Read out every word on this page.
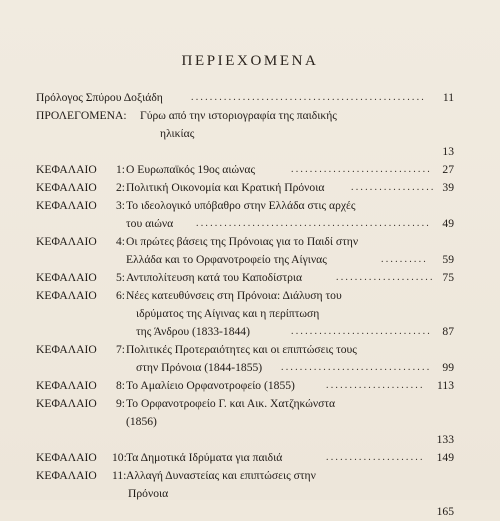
ΠΕΡΙΕΧΟΜΕΝΑ
Πρόλογος Σπύρου Δοξιάδη	..................................................	11
ΠΡΟΛΕΓΟΜΕΝΑ: Γύρω από την ιστοριογραφία της παιδικής
ηλικίας
13
ΚΕΦΑΛΑΙΟ 1: Ο Ευρωπαϊκός 19ος αιώνας	.............................. 27
ΚΕΦΑΛΑΙΟ 2: Πολιτική Οικονομία και Κρατική Πρόνοια	.................. 39
ΚΕΦΑΛΑΙΟ 3: Το ιδεολογικό υπόβαθρο στην Ελλάδα στις αρχές
του αιώνα .................................................. 49
ΚΕΦΑΛΑΙΟ 4: Οι πρώτες βάσεις της Πρόνοιας για το Παιδί στην
Ελλάδα και το Ορφανοτροφείο της Αίγινας	.......... 59
ΚΕΦΑΛΑΙΟ 5: Αντιπολίτευση κατά του Καποδίστρια	..................... 75
ΚΕΦΑΛΑΙΟ 6: Νέες κατευθύνσεις στη Πρόνοια: Διάλυση του
ιδρύματος της Αίγινας και η περίπτωση
της Άνδρου (1833-1844)	.............................. 87
ΚΕΦΑΛΑΙΟ 7: Πολιτικές Προτεραιότητες και οι επιπτώσεις τους
στην Πρόνοια (1844-1855) ................................ 99
ΚΕΦΑΛΑΙΟ 8: Το Αμαλίειο Ορφανοτροφείο (1855)	..................... 113
ΚΕΦΑΛΑΙΟ 9: Το Ορφανοτροφείο Γ. και Αικ. Χατζηκώνστα
(1856)
133
ΚΕΦΑΛΑΙΟ 10: Τα Δημοτικά Ιδρύματα για παιδιά	..................... 149
ΚΕΦΑΛΑΙΟ 11: Αλλαγή Δυναστείας και επιπτώσεις στην
Πρόνοια
165
